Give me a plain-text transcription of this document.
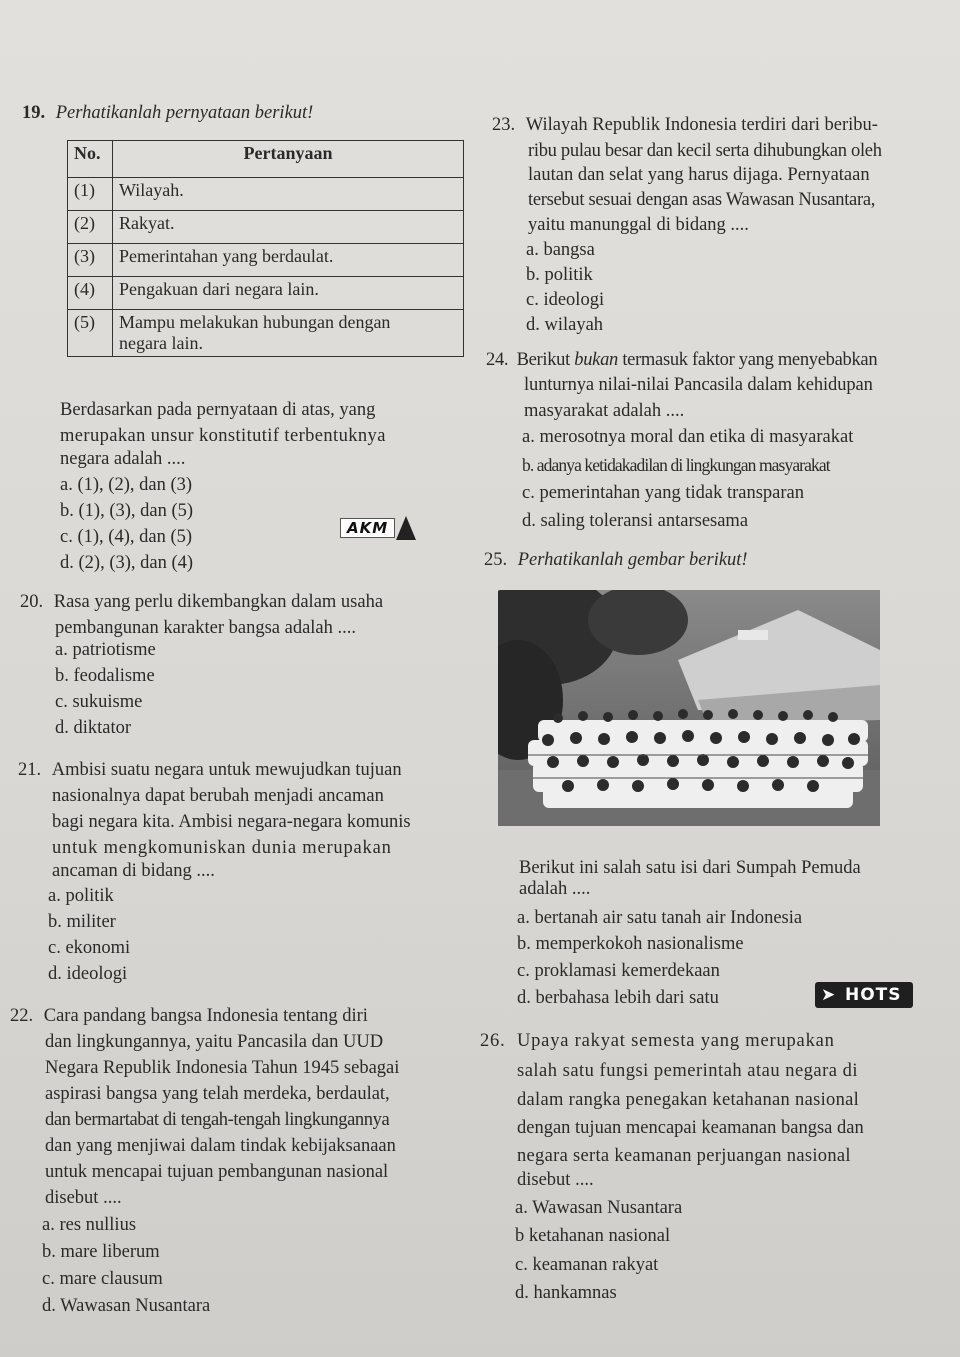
19. Perhatikanlah pernyataan berikut!
No.	Pertanyaan
(1)	Wilayah.
(2)	Rakyat.
(3)	Pemerintahan yang berdaulat.
(4)	Pengakuan dari negara lain.
(5)	Mampu melakukan hubungan dengan
negara lain.
Berdasarkan pada pernyataan di atas, yang
merupakan unsur konstitutif terbentuknya
negara adalah ....
a. (1), (2), dan (3)
b. (1), (3), dan (5)
c. (1), (4), dan (5)
d. (2), (3), dan (4)
AKM
20. Rasa yang perlu dikembangkan dalam usaha
pembangunan karakter bangsa adalah ....
a. patriotisme
b. feodalisme
c. sukuisme
d. diktator
21. Ambisi suatu negara untuk mewujudkan tujuan
nasionalnya dapat berubah menjadi ancaman
bagi negara kita. Ambisi negara-negara komunis
untuk mengkomuniskan dunia merupakan
ancaman di bidang ....
a. politik
b. militer
c. ekonomi
d. ideologi
22. Cara pandang bangsa Indonesia tentang diri
dan lingkungannya, yaitu Pancasila dan UUD
Negara Republik Indonesia Tahun 1945 sebagai
aspirasi bangsa yang telah merdeka, berdaulat,
dan bermartabat di tengah-tengah lingkungannya
dan yang menjiwai dalam tindak kebijaksanaan
untuk mencapai tujuan pembangunan nasional
disebut ....
a. res nullius
b. mare liberum
c. mare clausum
d. Wawasan Nusantara
23. Wilayah Republik Indonesia terdiri dari beribu-
ribu pulau besar dan kecil serta dihubungkan oleh
lautan dan selat yang harus dijaga. Pernyataan
tersebut sesuai dengan asas Wawasan Nusantara,
yaitu manunggal di bidang ....
a. bangsa
b. politik
c. ideologi
d. wilayah
24. Berikut bukan termasuk faktor yang menyebabkan
lunturnya nilai-nilai Pancasila dalam kehidupan
masyarakat adalah ....
a. merosotnya moral dan etika di masyarakat
b. adanya ketidakadilan di lingkungan masyarakat
c. pemerintahan yang tidak transparan
d. saling toleransi antarsesama
25. Perhatikanlah gembar berikut!
Berikut ini salah satu isi dari Sumpah Pemuda
adalah ....
a. bertanah air satu tanah air Indonesia
b. memperkokoh nasionalisme
c. proklamasi kemerdekaan
d. berbahasa lebih dari satu	➤ HOTS
26. Upaya rakyat semesta yang merupakan
salah satu fungsi pemerintah atau negara di
dalam rangka penegakan ketahanan nasional
dengan tujuan mencapai keamanan bangsa dan
negara serta keamanan perjuangan nasional
disebut ....
a. Wawasan Nusantara
b ketahanan nasional
c. keamanan rakyat
d. hankamnas
